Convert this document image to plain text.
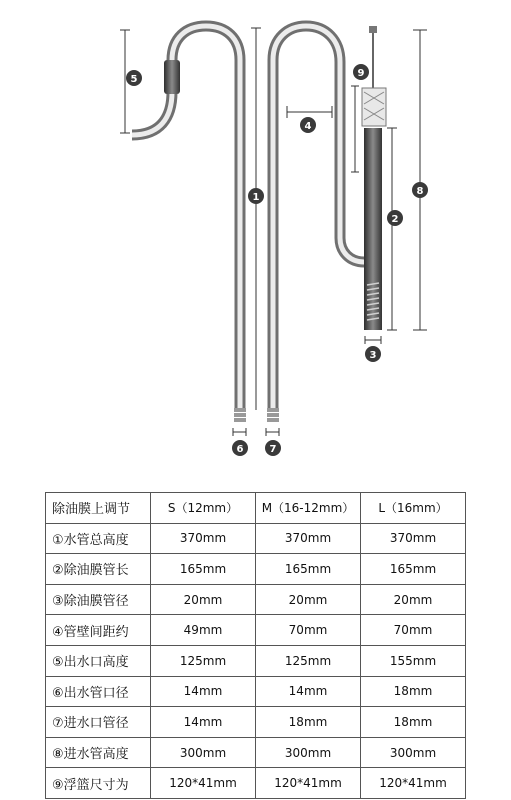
1
2
3
4
5
6	7
8
9
除油膜上调节	S（12mm）	M（16-12mm）	L（16mm）
①水管总高度	370mm	370mm	370mm
②除油膜管长	165mm	165mm	165mm
③除油膜管径	20mm	20mm	20mm
④管壁间距约	49mm	70mm	70mm
⑤出水口高度	125mm	125mm	155mm
⑥出水管口径	14mm	14mm	18mm
⑦进水口管径	14mm	18mm	18mm
⑧进水管高度	300mm	300mm	300mm
⑨浮篮尺寸为	120*41mm	120*41mm	120*41mm
